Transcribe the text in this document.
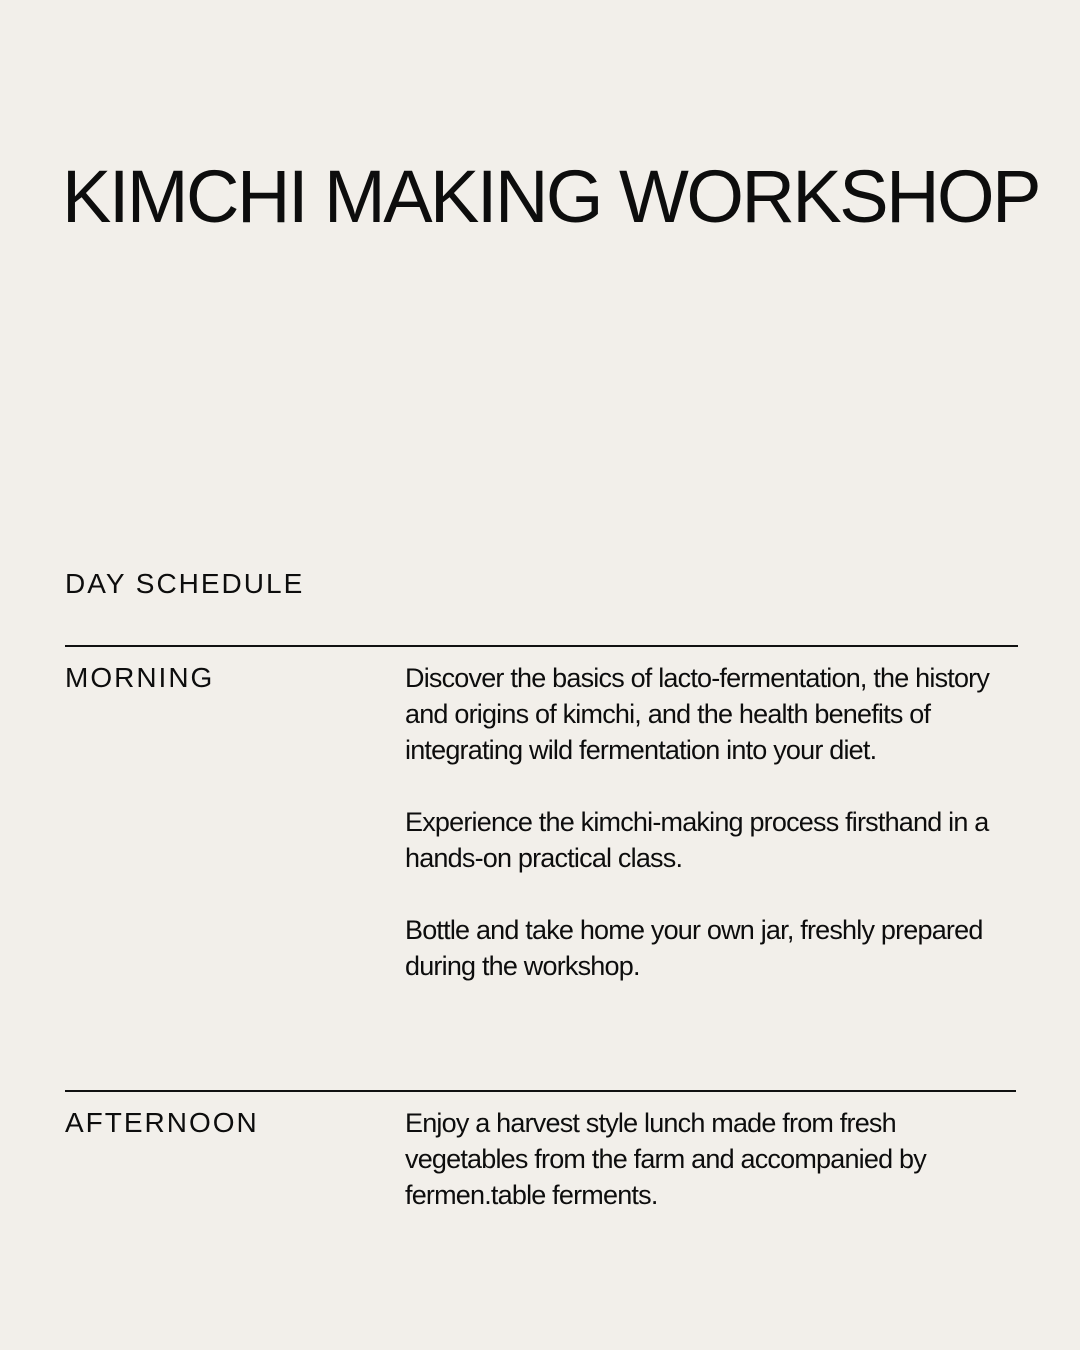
KIMCHI MAKING WORKSHOP
DAY SCHEDULE
MORNING	Discover the basics of lacto-fermentation, the history and origins of kimchi, and the health benefits of integrating wild fermentation into your diet.

Experience the kimchi-making process firsthand in a hands-on practical class.

Bottle and take home your own jar, freshly prepared during the workshop.

AFTERNOON	Enjoy a harvest style lunch made from fresh vegetables from the farm and accompanied by fermen.table ferments.
